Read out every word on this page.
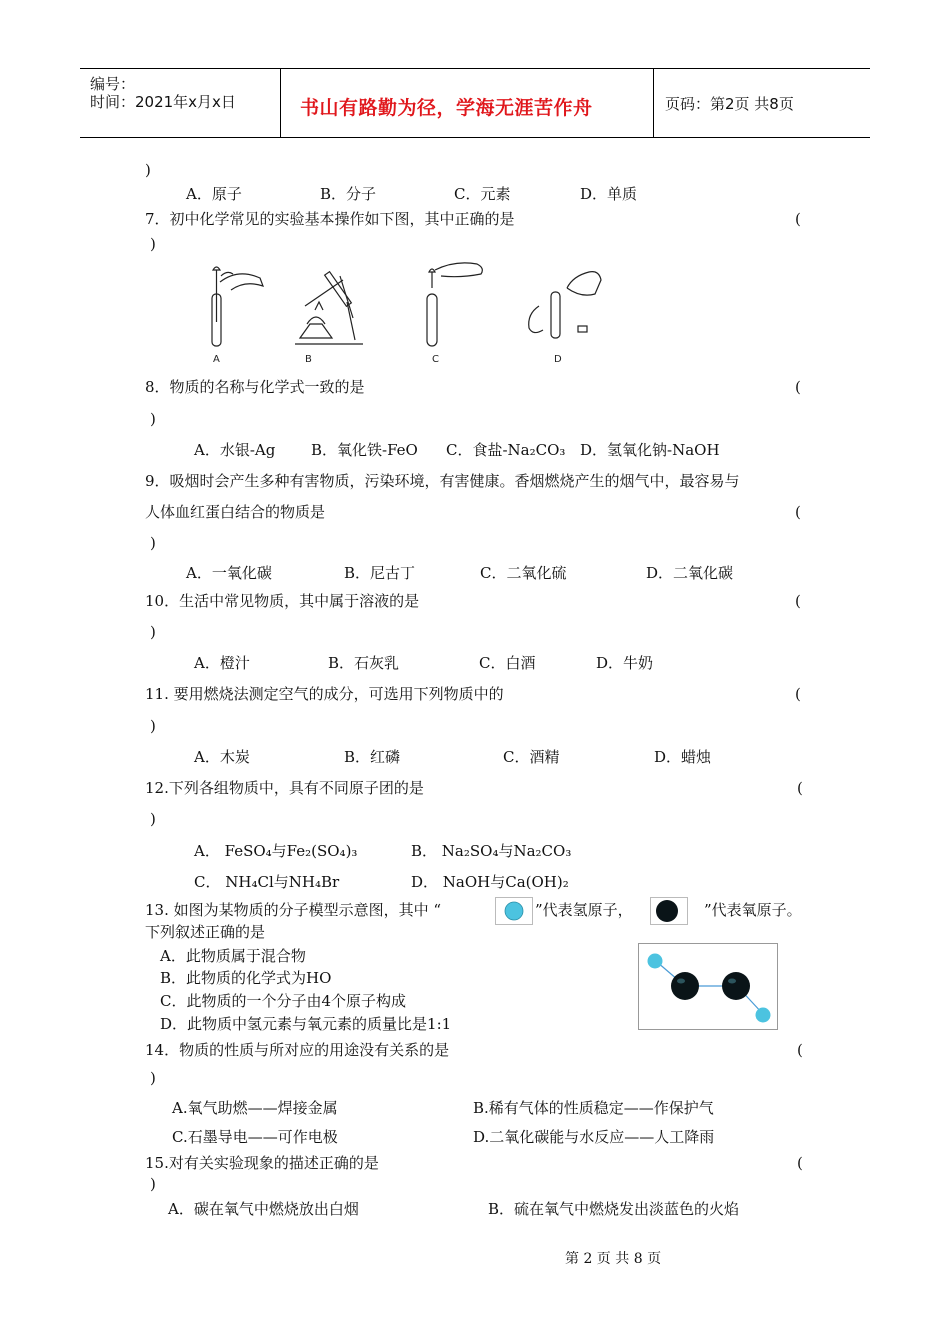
编号：
时间：2021年x月x日	书山有路勤为径，学海无涯苦作舟	页码：第2页 共8页
)
A．原子	B．分子	C．元素	D．单质
7．初中化学常见的实验基本操作如下图，其中正确的是	(
)
A	B	C	D
8．物质的名称与化学式一致的是	(
)
A．水银-Ag B．氧化铁-FeO C．食盐-Na₂CO₃ D．氢氧化钠-NaOH
9．吸烟时会产生多种有害物质，污染环境，有害健康。香烟燃烧产生的烟气中，最容易与
人体血红蛋白结合的物质是	(
)
A．一氧化碳	B．尼古丁	C．二氧化硫	D．二氧化碳
10．生活中常见物质，其中属于溶液的是	(
)
A．橙汁	B．石灰乳	C．白酒	D．牛奶
11. 要用燃烧法测定空气的成分，可选用下列物质中的	(
)
A．木炭	B．红磷	C．酒精	D．蜡烛
12.下列各组物质中，具有不同原子团的是	(
)
A． FeSO₄与Fe₂(SO₄)₃	B． Na₂SO₄与Na₂CO₃
C． NH₄Cl与NH₄Br	D． NaOH与Ca(OH)₂
13. 如图为某物质的分子模型示意图，其中 “	”代表氢原子，	”代表氧原子。
下列叙述正确的是
A．此物质属于混合物
B．此物质的化学式为HO
C．此物质的一个分子由4个原子构成
D．此物质中氢元素与氧元素的质量比是1:1
14．物质的性质与所对应的用途没有关系的是	(
)
A.氧气助燃——焊接金属	B.稀有气体的性质稳定——作保护气
C.石墨导电——可作电极	D.二氧化碳能与水反应——人工降雨
15.对有关实验现象的描述正确的是	(
)
A．碳在氧气中燃烧放出白烟	B．硫在氧气中燃烧发出淡蓝色的火焰
第 2 页 共 8 页
